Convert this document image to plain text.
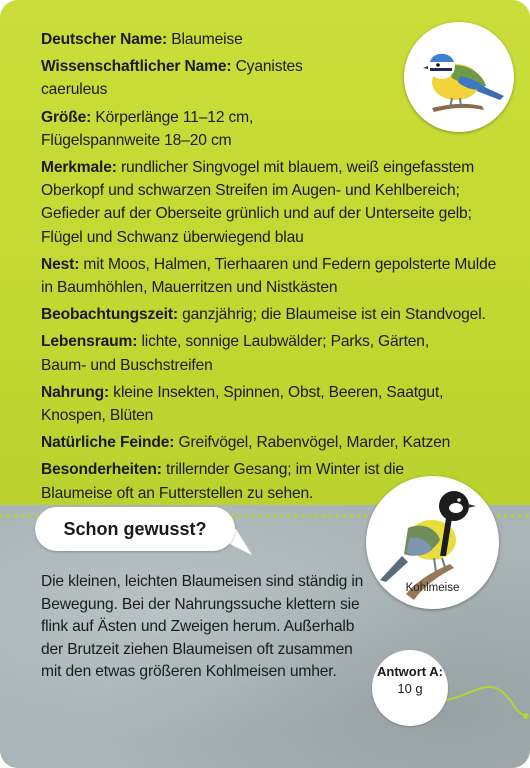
Deutscher Name: Blaumeise
Wissenschaftlicher Name: Cyanistes caeruleus
Größe: Körperlänge 11–12 cm,
Flügelspannweite 18–20 cm
Merkmale: rundlicher Singvogel mit blauem, weiß eingefasstem Oberkopf und schwarzen Streifen im Augen- und Kehlbereich; Gefieder auf der Oberseite grünlich und auf der Unterseite gelb; Flügel und Schwanz überwiegend blau
Nest: mit Moos, Halmen, Tierhaaren und Federn gepolsterte Mulde in Baumhöhlen, Mauerritzen und Nistkästen
Beobachtungszeit: ganzjährig; die Blaumeise ist ein Standvogel.
Lebensraum: lichte, sonnige Laubwälder; Parks, Gärten, Baum- und Buschstreifen
Nahrung: kleine Insekten, Spinnen, Obst, Beeren, Saatgut, Knospen, Blüten
Natürliche Feinde: Greifvögel, Rabenvögel, Marder, Katzen
Besonderheiten: trillernder Gesang; im Winter ist die Blaumeise oft an Futterstellen zu sehen.
Schon gewusst?

Die kleinen, leichten Blaumeisen sind ständig in Bewegung. Bei der Nahrungssuche klettern sie flink auf Ästen und Zweigen herum. Außerhalb der Brutzeit ziehen Blaumeisen oft zusammen mit den etwas größeren Kohlmeisen umher.

Kohlmeise
Antwort A:
10 g
